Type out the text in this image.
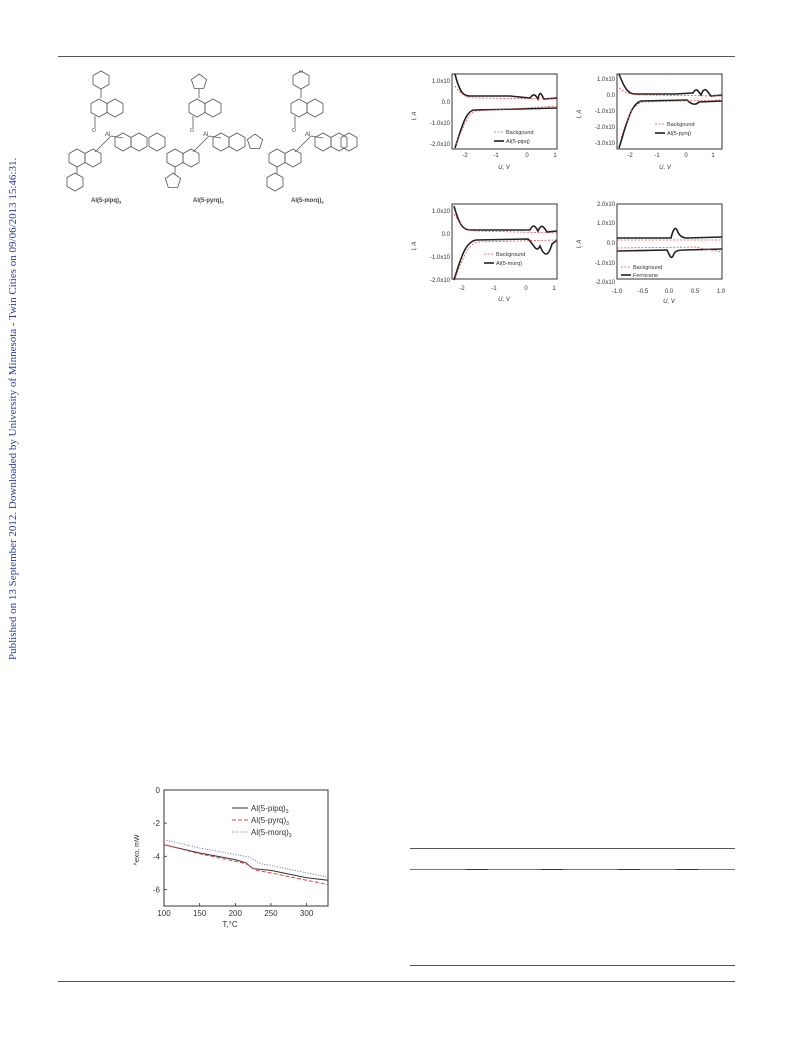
Published on 13 September 2012. Downloaded by University of Minnesota - Twin Cities on 09/06/2013 15:46:31.
O
Al
$Al(5-pipq)_3$
O
Al
$Al(5-pyrq)_3$
O
O
Al
$Al(5-morq)_3$
1.0x10
0.0
-1.0x10
-2.0x10
-2	-1	0	1
U, V
I, A
Backgound
Al(5-pipq)
1.0x10
0.0
-1.0x10
-2.0x10
-3.0x10
-2	-1	0	1
U, V
I, A
Backgound
Al(5-pyrq)
1.0x10
0.0
-1.0x10
-2.0x10
-2	-1	0	1
U, V
I, A
Background
Al(5-morq)
2.0x10
1.0x10
0.0
-1.0x10
-2.0x10
-1.0	-0.5	0.0	0.5	1.0
U, V
I, A
Background
Ferrocene
100	150	200	250	300
0
-2
-4
-6
$Al(5-pipq)_3$
$Al(5-pyrq)_3$
$Al(5-morq)_3$
T,°C
^exo, mW
